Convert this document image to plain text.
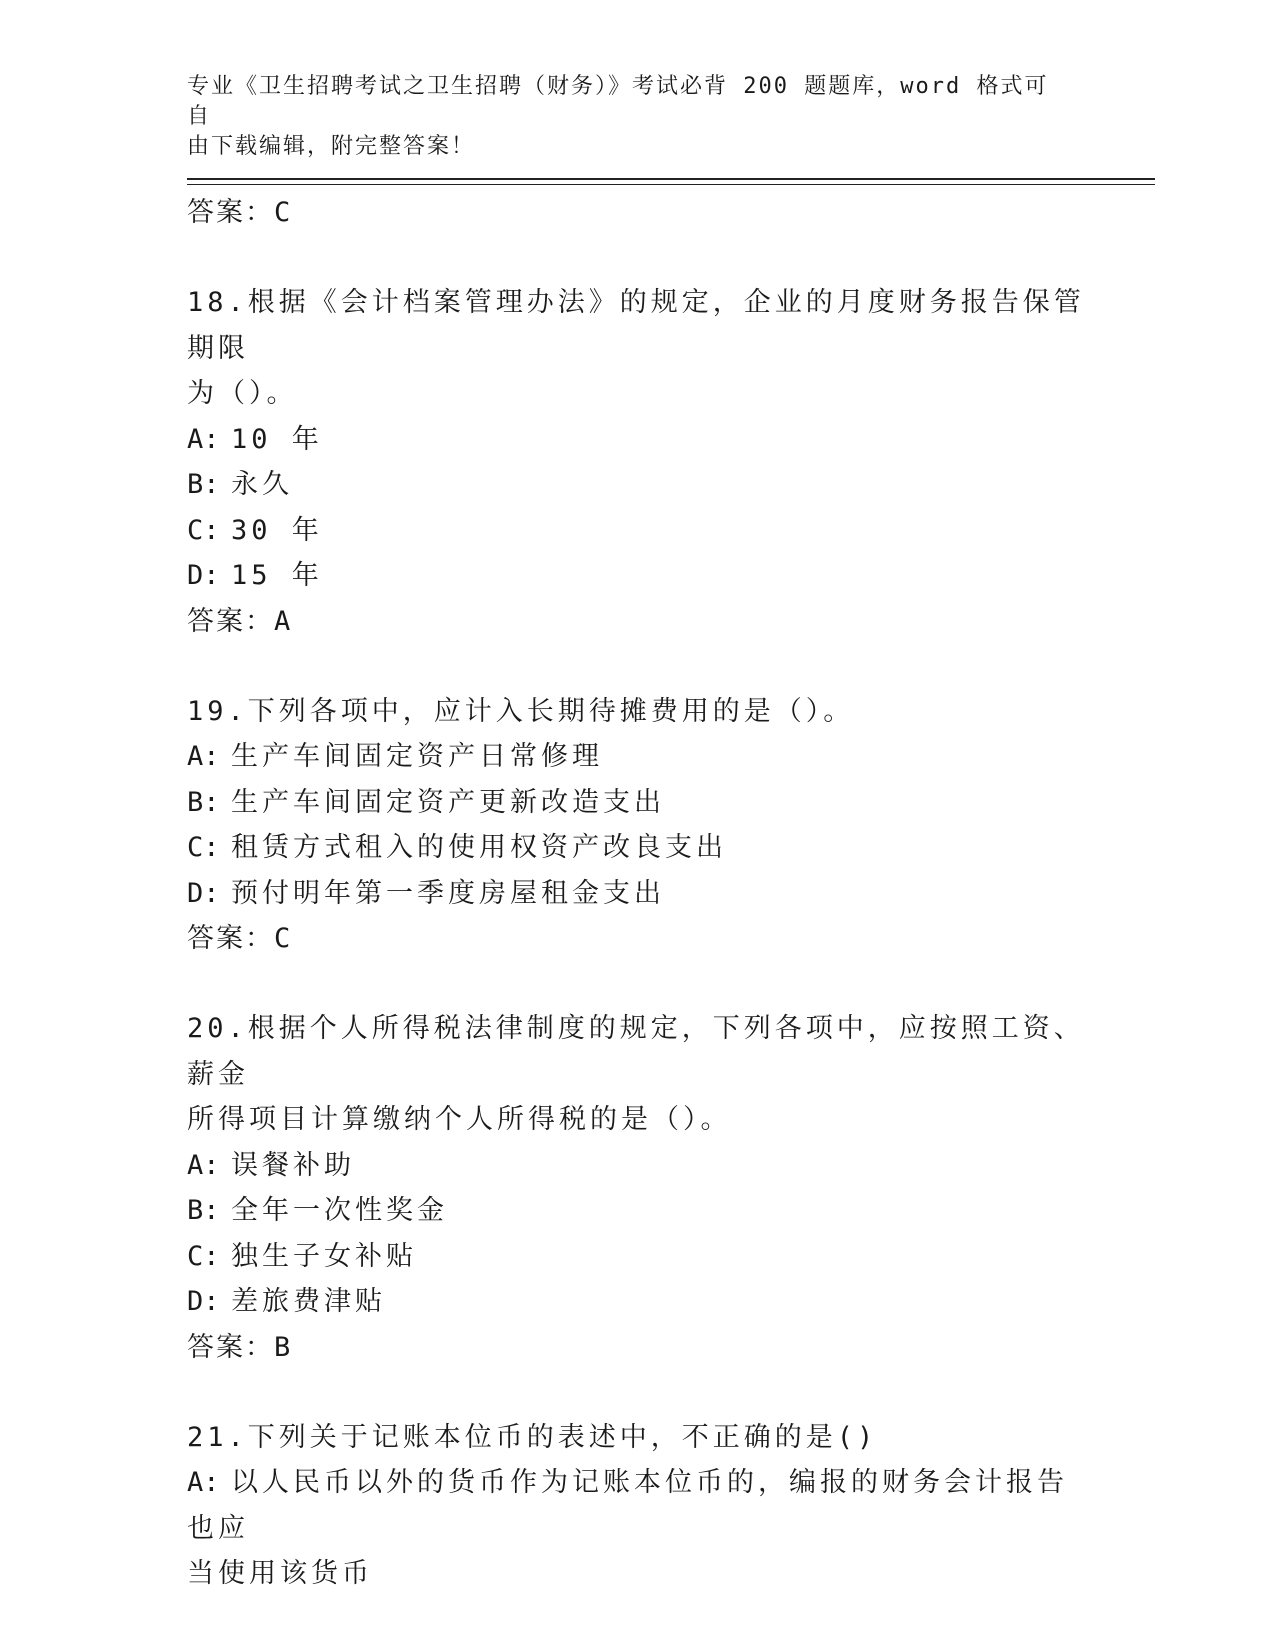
专业《卫生招聘考试之卫生招聘（财务）》考试必背 200 题题库，word 格式可自
由下载编辑，附完整答案！
答案：C
18.根据《会计档案管理办法》的规定，企业的月度财务报告保管期限
为（）。
A: 10 年
B: 永久
C: 30 年
D: 15 年
答案：A
19.下列各项中，应计入长期待摊费用的是（）。
A: 生产车间固定资产日常修理
B: 生产车间固定资产更新改造支出
C: 租赁方式租入的使用权资产改良支出
D: 预付明年第一季度房屋租金支出
答案：C
20.根据个人所得税法律制度的规定，下列各项中，应按照工资、薪金
所得项目计算缴纳个人所得税的是（）。
A: 误餐补助
B: 全年一次性奖金
C: 独生子女补贴
D: 差旅费津贴
答案：B
21.下列关于记账本位币的表述中，不正确的是()
A: 以人民币以外的货币作为记账本位币的，编报的财务会计报告也应
当使用该货币
